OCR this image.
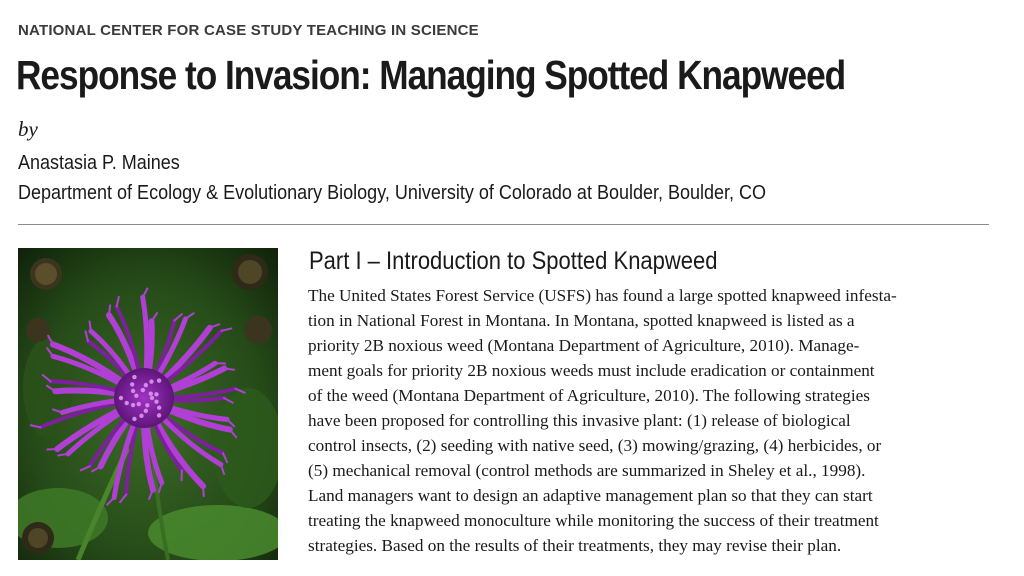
NATIONAL CENTER FOR CASE STUDY TEACHING IN SCIENCE
Response to Invasion: Managing Spotted Knapweed
by
Anastasia P. Maines
Department of Ecology & Evolutionary Biology, University of Colorado at Boulder, Boulder, CO
Part I – Introduction to Spotted Knapweed
The United States Forest Service (USFS) has found a large spotted knapweed infesta-
tion in National Forest in Montana. In Montana, spotted knapweed is listed as a
priority 2B noxious weed (Montana Department of Agriculture, 2010). Manage-
ment goals for priority 2B noxious weeds must include eradication or containment
of the weed (Montana Department of Agriculture, 2010). The following strategies
have been proposed for controlling this invasive plant: (1) release of biological
control insects, (2) seeding with native seed, (3) mowing/grazing, (4) herbicides, or
(5) mechanical removal (control methods are summarized in Sheley et al., 1998).
Land managers want to design an adaptive management plan so that they can start
treating the knapweed monoculture while monitoring the success of their treatment
strategies. Based on the results of their treatments, they may revise their plan.
